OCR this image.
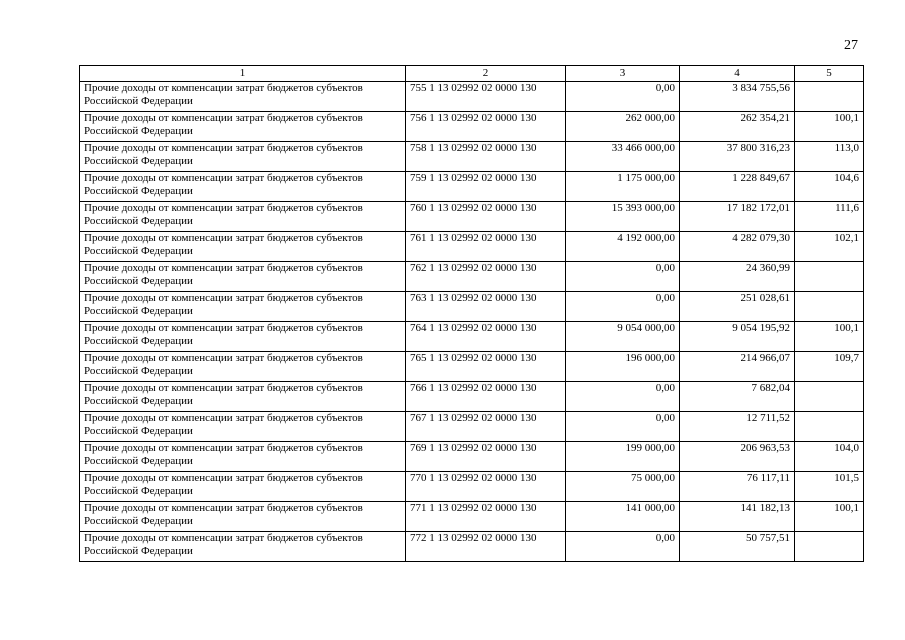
27
1	2	3	4	5
Прочие доходы от компенсации затрат бюджетов субъектов Российской Федерации	755 1 13 02992 02 0000 130	0,00	3 834 755,56	
Прочие доходы от компенсации затрат бюджетов субъектов Российской Федерации	756 1 13 02992 02 0000 130	262 000,00	262 354,21	100,1
Прочие доходы от компенсации затрат бюджетов субъектов Российской Федерации	758 1 13 02992 02 0000 130	33 466 000,00	37 800 316,23	113,0
Прочие доходы от компенсации затрат бюджетов субъектов Российской Федерации	759 1 13 02992 02 0000 130	1 175 000,00	1 228 849,67	104,6
Прочие доходы от компенсации затрат бюджетов субъектов Российской Федерации	760 1 13 02992 02 0000 130	15 393 000,00	17 182 172,01	111,6
Прочие доходы от компенсации затрат бюджетов субъектов Российской Федерации	761 1 13 02992 02 0000 130	4 192 000,00	4 282 079,30	102,1
Прочие доходы от компенсации затрат бюджетов субъектов Российской Федерации	762 1 13 02992 02 0000 130	0,00	24 360,99	
Прочие доходы от компенсации затрат бюджетов субъектов Российской Федерации	763 1 13 02992 02 0000 130	0,00	251 028,61	
Прочие доходы от компенсации затрат бюджетов субъектов Российской Федерации	764 1 13 02992 02 0000 130	9 054 000,00	9 054 195,92	100,1
Прочие доходы от компенсации затрат бюджетов субъектов Российской Федерации	765 1 13 02992 02 0000 130	196 000,00	214 966,07	109,7
Прочие доходы от компенсации затрат бюджетов субъектов Российской Федерации	766 1 13 02992 02 0000 130	0,00	7 682,04	
Прочие доходы от компенсации затрат бюджетов субъектов Российской Федерации	767 1 13 02992 02 0000 130	0,00	12 711,52	
Прочие доходы от компенсации затрат бюджетов субъектов Российской Федерации	769 1 13 02992 02 0000 130	199 000,00	206 963,53	104,0
Прочие доходы от компенсации затрат бюджетов субъектов Российской Федерации	770 1 13 02992 02 0000 130	75 000,00	76 117,11	101,5
Прочие доходы от компенсации затрат бюджетов субъектов Российской Федерации	771 1 13 02992 02 0000 130	141 000,00	141 182,13	100,1
Прочие доходы от компенсации затрат бюджетов субъектов Российской Федерации	772 1 13 02992 02 0000 130	0,00	50 757,51	
